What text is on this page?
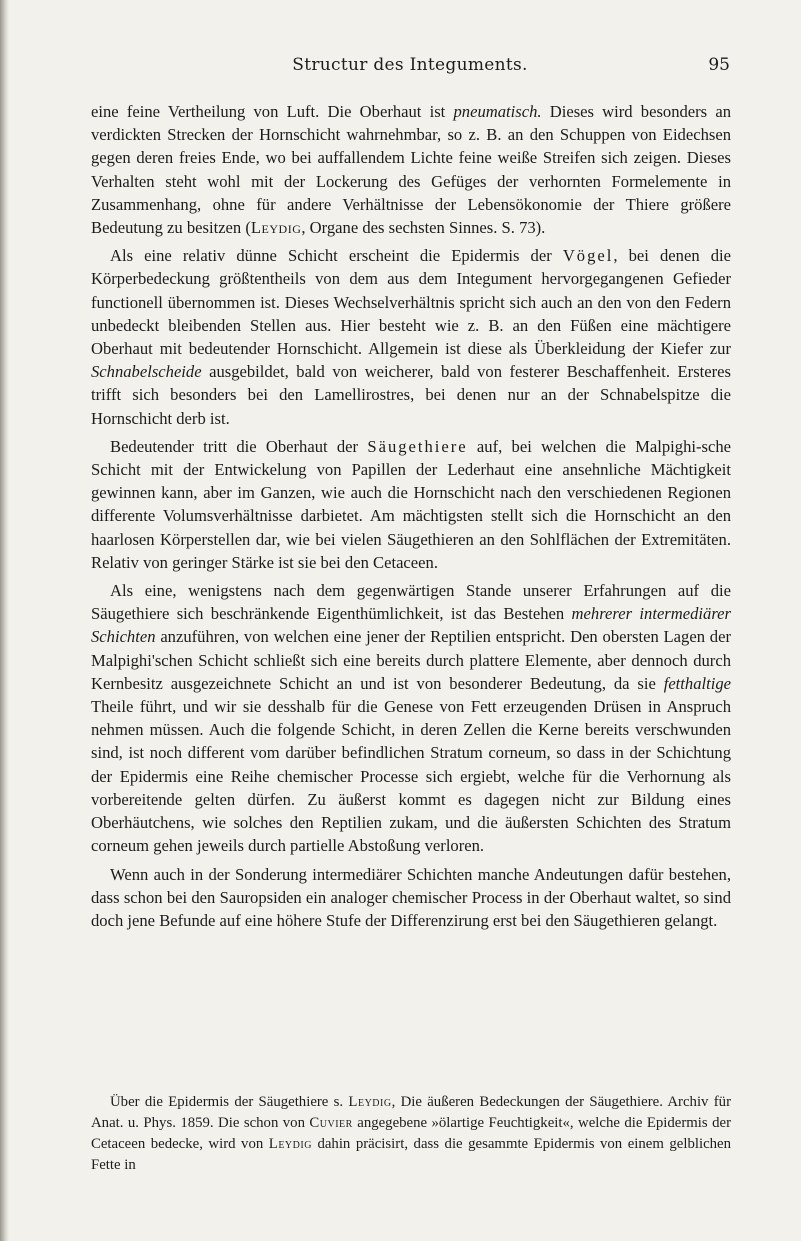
Structur des Integuments.	95

eine feine Vertheilung von Luft. Die Oberhaut ist pneumatisch. Dieses wird besonders an verdickten Strecken der Hornschicht wahrnehmbar, so z. B. an den Schuppen von Eidechsen gegen deren freies Ende, wo bei auffallendem Lichte feine weiße Streifen sich zeigen. Dieses Verhalten steht wohl mit der Lockerung des Gefüges der verhornten Formelemente in Zusammenhang, ohne für andere Verhältnisse der Lebensökonomie der Thiere größere Bedeutung zu besitzen (Leydig, Organe des sechsten Sinnes. S. 73).

Als eine relativ dünne Schicht erscheint die Epidermis der Vögel, bei denen die Körperbedeckung größtentheils von dem aus dem Integument hervorgegangenen Gefieder functionell übernommen ist. Dieses Wechselverhältnis spricht sich auch an den von den Federn unbedeckt bleibenden Stellen aus. Hier besteht wie z. B. an den Füßen eine mächtigere Oberhaut mit bedeutender Hornschicht. Allgemein ist diese als Überkleidung der Kiefer zur Schnabelscheide ausgebildet, bald von weicherer, bald von festerer Beschaffenheit. Ersteres trifft sich besonders bei den Lamellirostres, bei denen nur an der Schnabelspitze die Hornschicht derb ist.

Bedeutender tritt die Oberhaut der Säugethiere auf, bei welchen die Malpighi-sche Schicht mit der Entwickelung von Papillen der Lederhaut eine ansehnliche Mächtigkeit gewinnen kann, aber im Ganzen, wie auch die Hornschicht nach den verschiedenen Regionen differente Volumsverhältnisse darbietet. Am mächtigsten stellt sich die Hornschicht an den haarlosen Körperstellen dar, wie bei vielen Säugethieren an den Sohlflächen der Extremitäten. Relativ von geringer Stärke ist sie bei den Cetaceen.

Als eine, wenigstens nach dem gegenwärtigen Stande unserer Erfahrungen auf die Säugethiere sich beschränkende Eigenthümlichkeit, ist das Bestehen mehrerer intermediärer Schichten anzuführen, von welchen eine jener der Reptilien entspricht. Den obersten Lagen der Malpighi'schen Schicht schließt sich eine bereits durch plattere Elemente, aber dennoch durch Kernbesitz ausgezeichnete Schicht an und ist von besonderer Bedeutung, da sie fetthaltige Theile führt, und wir sie desshalb für die Genese von Fett erzeugenden Drüsen in Anspruch nehmen müssen. Auch die folgende Schicht, in deren Zellen die Kerne bereits verschwunden sind, ist noch different vom darüber befindlichen Stratum corneum, so dass in der Schichtung der Epidermis eine Reihe chemischer Processe sich ergiebt, welche für die Verhornung als vorbereitende gelten dürfen. Zu äußerst kommt es dagegen nicht zur Bildung eines Oberhäutchens, wie solches den Reptilien zukam, und die äußersten Schichten des Stratum corneum gehen jeweils durch partielle Abstoßung verloren.

Wenn auch in der Sonderung intermediärer Schichten manche Andeutungen dafür bestehen, dass schon bei den Sauropsiden ein analoger chemischer Process in der Oberhaut waltet, so sind doch jene Befunde auf eine höhere Stufe der Differenzirung erst bei den Säugethieren gelangt.

Über die Epidermis der Säugethiere s. Leydig, Die äußeren Bedeckungen der Säugethiere. Archiv für Anat. u. Phys. 1859. Die schon von Cuvier angegebene »ölartige Feuchtigkeit«, welche die Epidermis der Cetaceen bedecke, wird von Leydig dahin präcisirt, dass die gesammte Epidermis von einem gelblichen Fette in
